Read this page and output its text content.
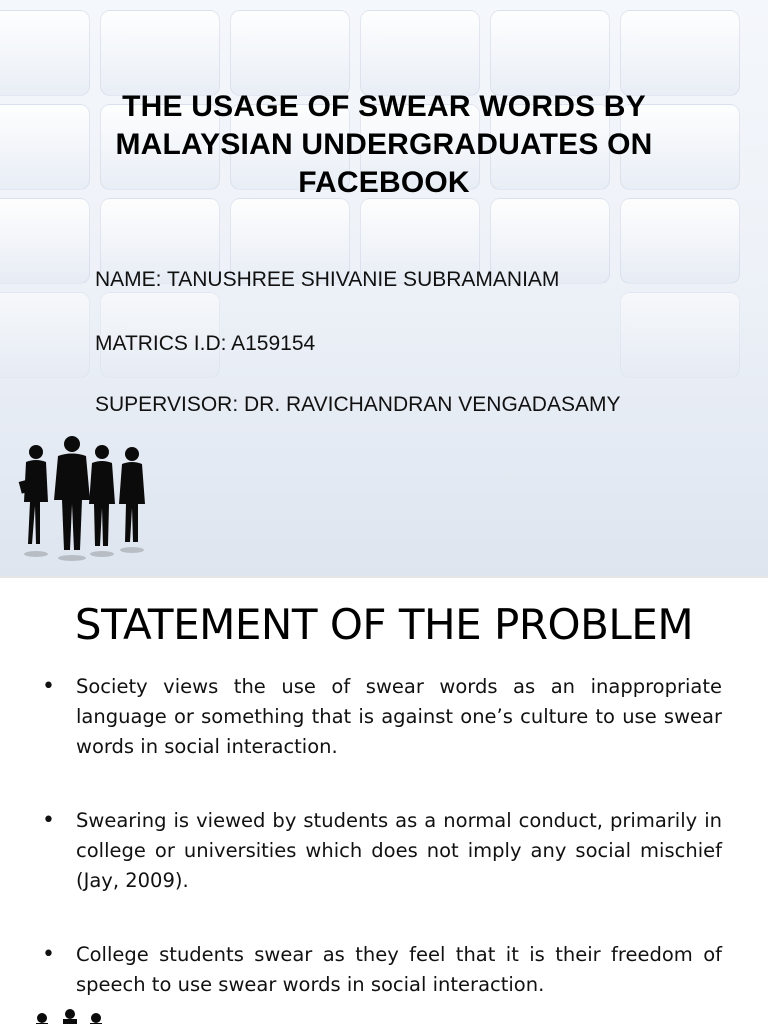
THE USAGE OF SWEAR WORDS BY
MALAYSIAN UNDERGRADUATES ON
FACEBOOK
NAME: TANUSHREE SHIVANIE SUBRAMANIAM
MATRICS I.D: A159154
SUPERVISOR: DR. RAVICHANDRAN VENGADASAMY
STATEMENT OF THE PROBLEM
• Society views the use of swear words as an inappropriate language or something that is against one’s culture to use swear words in social interaction.
• Swearing is viewed by students as a normal conduct, primarily in college or universities which does not imply any social mischief (Jay, 2009).
• College students swear as they feel that it is their freedom of speech to use swear words in social interaction.
